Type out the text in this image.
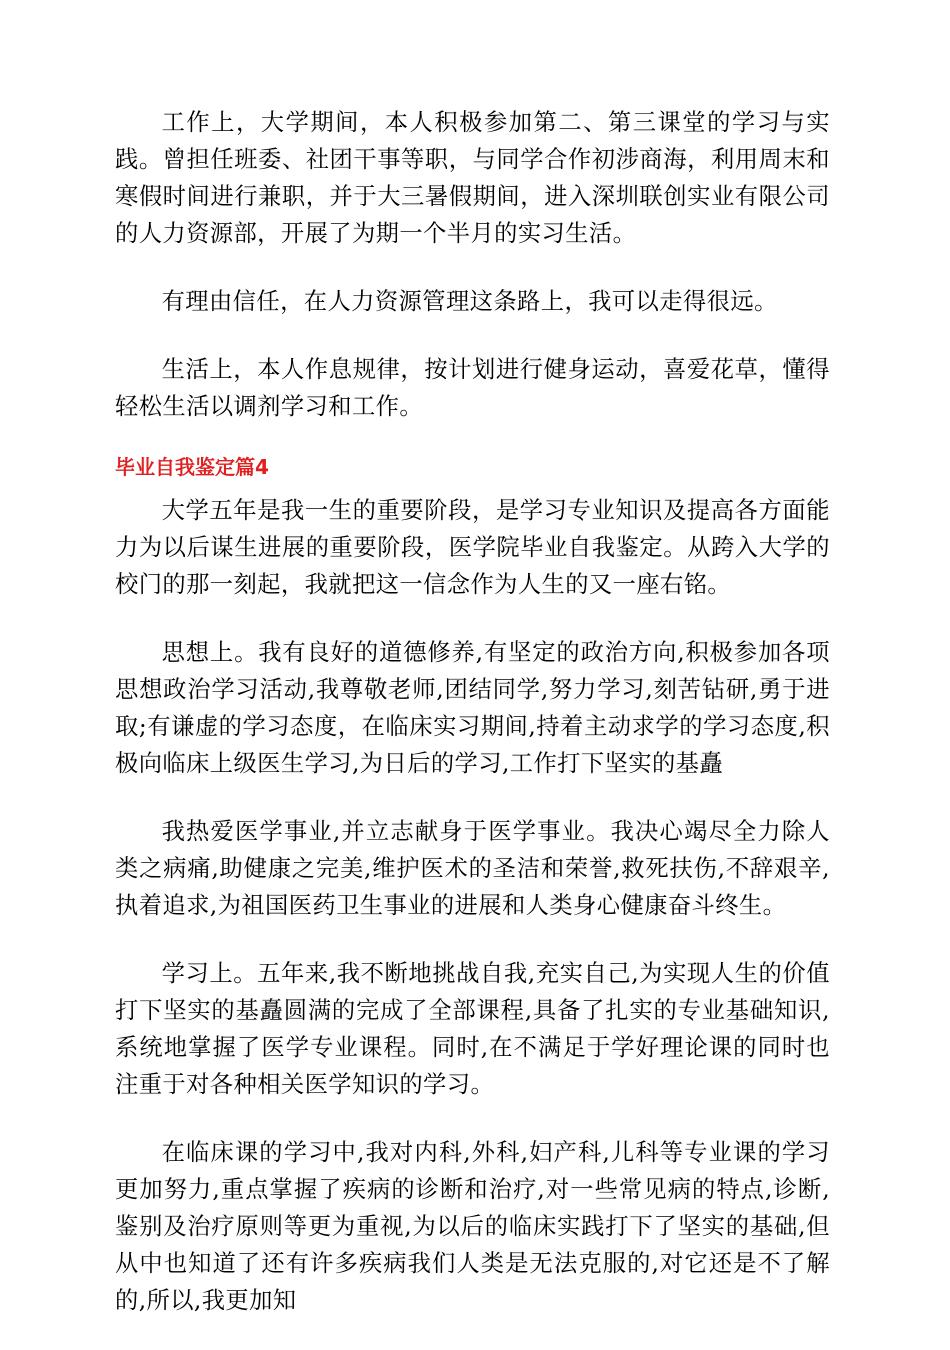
工作上，大学期间，本人积极参加第二、第三课堂的学习与实践。曾担任班委、社团干事等职，与同学合作初涉商海，利用周末和寒假时间进行兼职，并于大三暑假期间，进入深圳联创实业有限公司的人力资源部，开展了为期一个半月的实习生活。

有理由信任，在人力资源管理这条路上，我可以走得很远。

生活上，本人作息规律，按计划进行健身运动，喜爱花草，懂得轻松生活以调剂学习和工作。

毕业自我鉴定篇4

大学五年是我一生的重要阶段，是学习专业知识及提高各方面能力为以后谋生进展的重要阶段，医学院毕业自我鉴定。从跨入大学的校门的那一刻起，我就把这一信念作为人生的又一座右铭。

思想上。我有良好的道德修养,有坚定的政治方向,积极参加各项思想政治学习活动,我尊敬老师,团结同学,努力学习,刻苦钻研,勇于进取;有谦虚的学习态度，在临床实习期间,持着主动求学的学习态度,积极向临床上级医生学习,为日后的学习,工作打下坚实的基矗

我热爱医学事业,并立志献身于医学事业。我决心竭尽全力除人类之病痛,助健康之完美,维护医术的圣洁和荣誉,救死扶伤,不辞艰辛,执着追求,为祖国医药卫生事业的进展和人类身心健康奋斗终生。

学习上。五年来,我不断地挑战自我,充实自己,为实现人生的价值打下坚实的基矗圆满的完成了全部课程,具备了扎实的专业基础知识,系统地掌握了医学专业课程。同时,在不满足于学好理论课的同时也注重于对各种相关医学知识的学习。

在临床课的学习中,我对内科,外科,妇产科,儿科等专业课的学习更加努力,重点掌握了疾病的诊断和治疗,对一些常见病的特点,诊断,鉴别及治疗原则等更为重视,为以后的临床实践打下了坚实的基础,但从中也知道了还有许多疾病我们人类是无法克服的,对它还是不了解的,所以,我更加知
